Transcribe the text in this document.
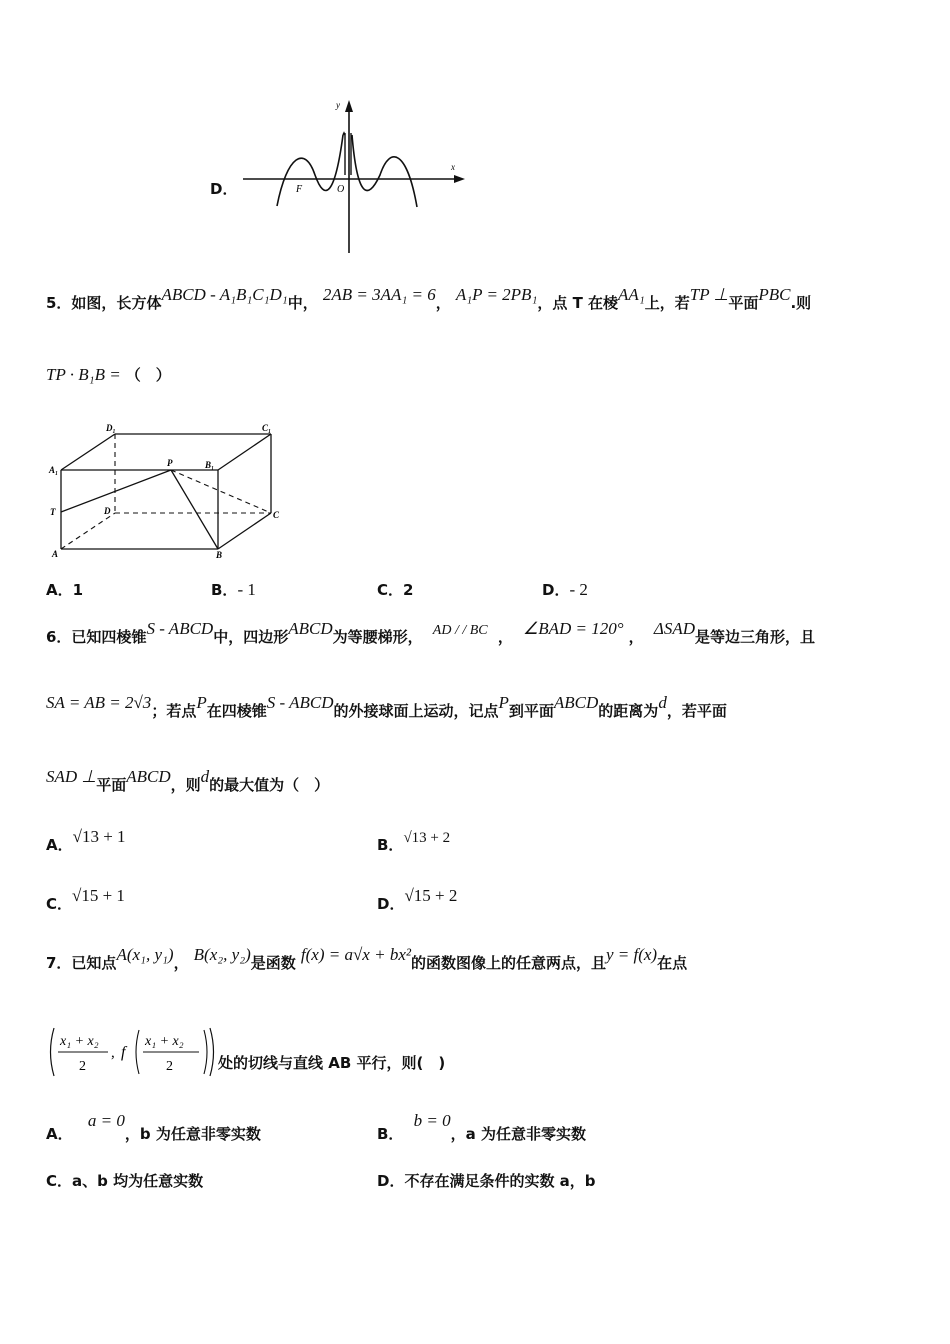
D．
y
x
O
F
5．如图，长方体ABCD - A₁B₁C₁D₁中， 2AB = 3AA₁ = 6， A₁P = 2PB₁，点 T 在棱AA₁上，若TP ⊥平面PBC.则
TP · B₁B = （　）
D₁	C₁
A₁
P	B₁
T	D	C
A	B
A．1	B．- 1	C．2	D．- 2
6．已知四棱锥S - ABCD中，四边形ABCD为等腰梯形， AD / / BC ， ∠BAD = 120° ， ΔSAD是等边三角形，且
SA = AB = 2√3；若点P在四棱锥S - ABCD的外接球面上运动，记点P到平面ABCD的距离为d，若平面
SAD ⊥平面ABCD，则d的最大值为（　）
A．√13 + 1	B．√13 + 2
C．√15 + 1	D．√15 + 2
7．已知点A(x₁, y₁)， B(x₂, y₂)是函数 f(x) = a√x + bx²的函数图像上的任意两点，且y = f(x)在点
x₁ + x₂
2
, f
x₁ + x₂
2	处的切线与直线 AB 平行，则(　)
A．   a = 0，b 为任意非零实数	B．  b = 0，a 为任意非零实数
C．a、b 均为任意实数	D．不存在满足条件的实数 a，b
